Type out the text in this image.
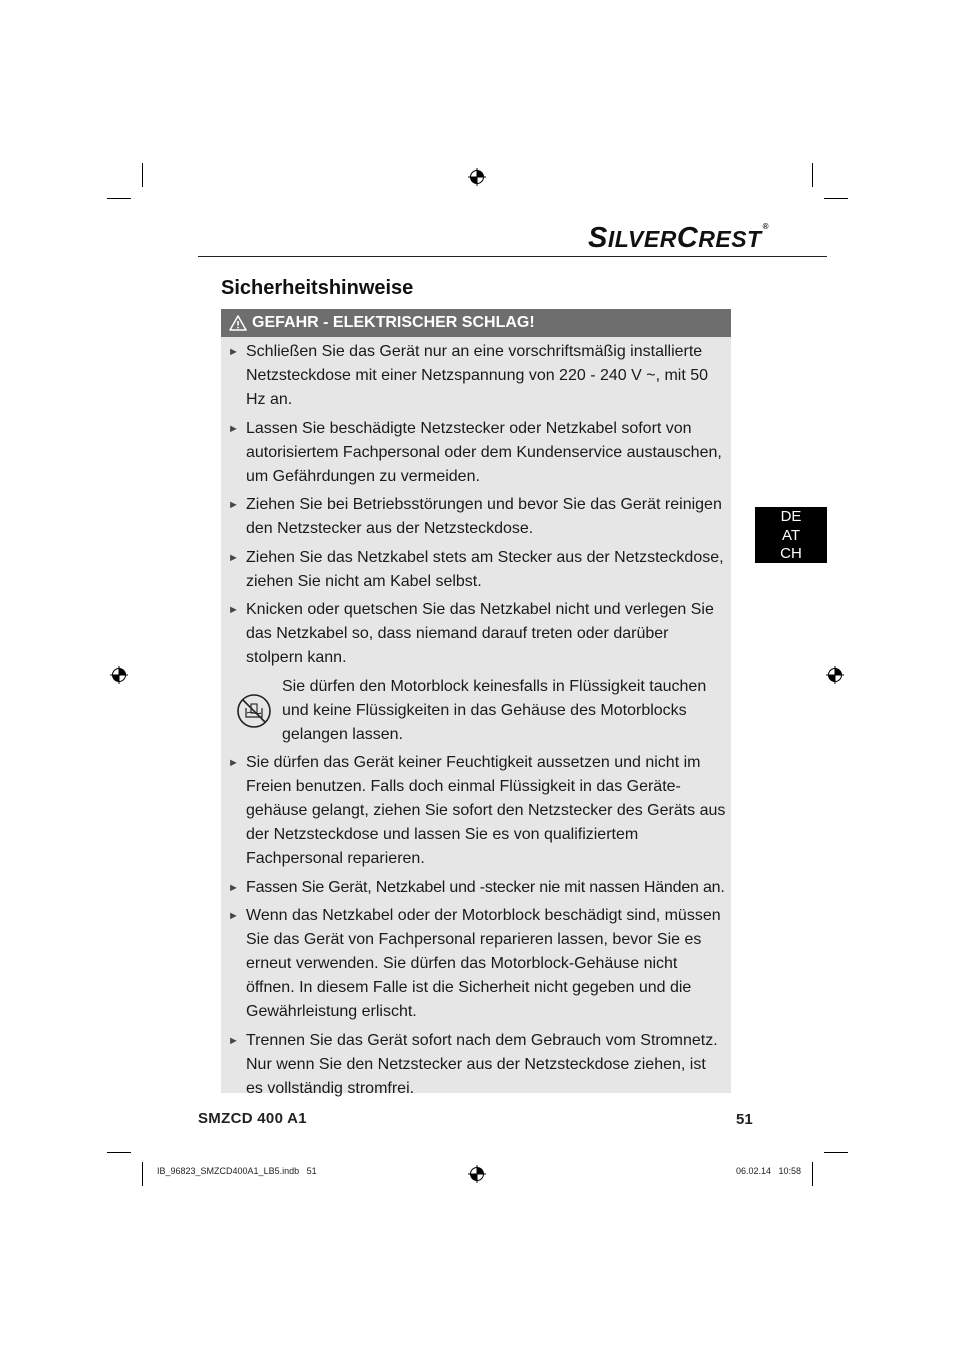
SILVERCREST®
Sicherheitshinweise
GEFAHR - ELEKTRISCHER SCHLAG!
► Schließen Sie das Gerät nur an eine vorschriftsmäßig installierte Netzsteckdose mit einer Netzspannung von 220 - 240 V ~, mit 50 Hz an.
► Lassen Sie beschädigte Netzstecker oder Netzkabel sofort von autorisiertem Fachpersonal oder dem Kundenservice austauschen, um Gefährdungen zu vermeiden.
► Ziehen Sie bei Betriebsstörungen und bevor Sie das Gerät reinigen den Netzstecker aus der Netzsteckdose.
► Ziehen Sie das Netzkabel stets am Stecker aus der Netzsteckdose, ziehen Sie nicht am Kabel selbst.
► Knicken oder quetschen Sie das Netzkabel nicht und verlegen Sie das Netzkabel so, dass niemand darauf treten oder darüber stolpern kann.
Sie dürfen den Motorblock keinesfalls in Flüssigkeit tauchen und keine Flüssigkeiten in das Gehäuse des Motorblocks gelangen lassen.
► Sie dürfen das Gerät keiner Feuchtigkeit aussetzen und nicht im Freien benutzen. Falls doch einmal Flüssigkeit in das Gerätegehäuse gelangt, ziehen Sie sofort den Netzstecker des Geräts aus der Netzsteckdose und lassen Sie es von qualifiziertem Fachpersonal reparieren.
► Fassen Sie Gerät, Netzkabel und -stecker nie mit nassen Händen an.
► Wenn das Netzkabel oder der Motorblock beschädigt sind, müssen Sie das Gerät von Fachpersonal reparieren lassen, bevor Sie es erneut verwenden. Sie dürfen das Motorblock-Gehäuse nicht öffnen. In diesem Falle ist die Sicherheit nicht gegeben und die Gewährleistung erlischt.
► Trennen Sie das Gerät sofort nach dem Gebrauch vom Stromnetz. Nur wenn Sie den Netzstecker aus der Netzsteckdose ziehen, ist es vollständig stromfrei.
DE
AT
CH
SMZCD 400 A1	51
IB_96823_SMZCD400A1_LB5.indb   51	06.02.14   10:58
